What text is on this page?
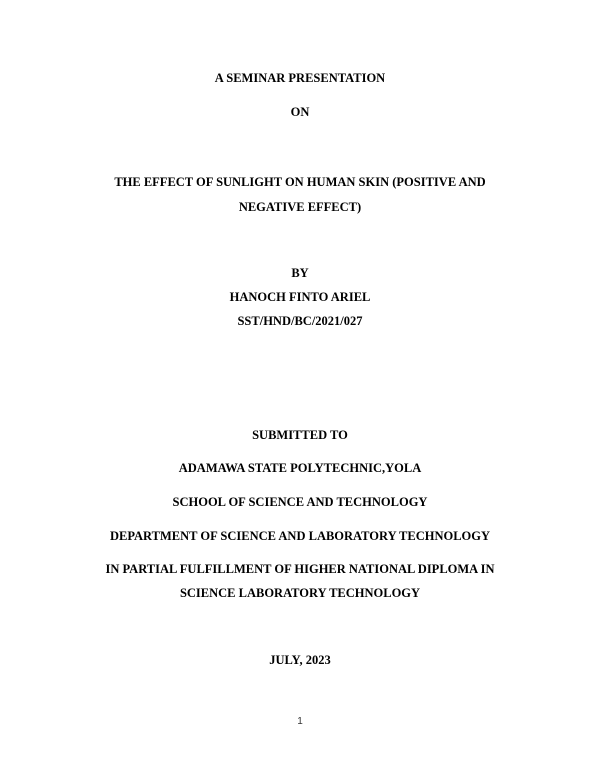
A SEMINAR PRESENTATION
ON
THE EFFECT OF SUNLIGHT ON HUMAN SKIN (POSITIVE AND
NEGATIVE EFFECT)
BY
HANOCH FINTO ARIEL
SST/HND/BC/2021/027
SUBMITTED TO
ADAMAWA STATE POLYTECHNIC,YOLA
SCHOOL OF SCIENCE AND TECHNOLOGY
DEPARTMENT OF SCIENCE AND LABORATORY TECHNOLOGY
IN PARTIAL FULFILLMENT OF HIGHER NATIONAL DIPLOMA IN
SCIENCE LABORATORY TECHNOLOGY
JULY, 2023
1
